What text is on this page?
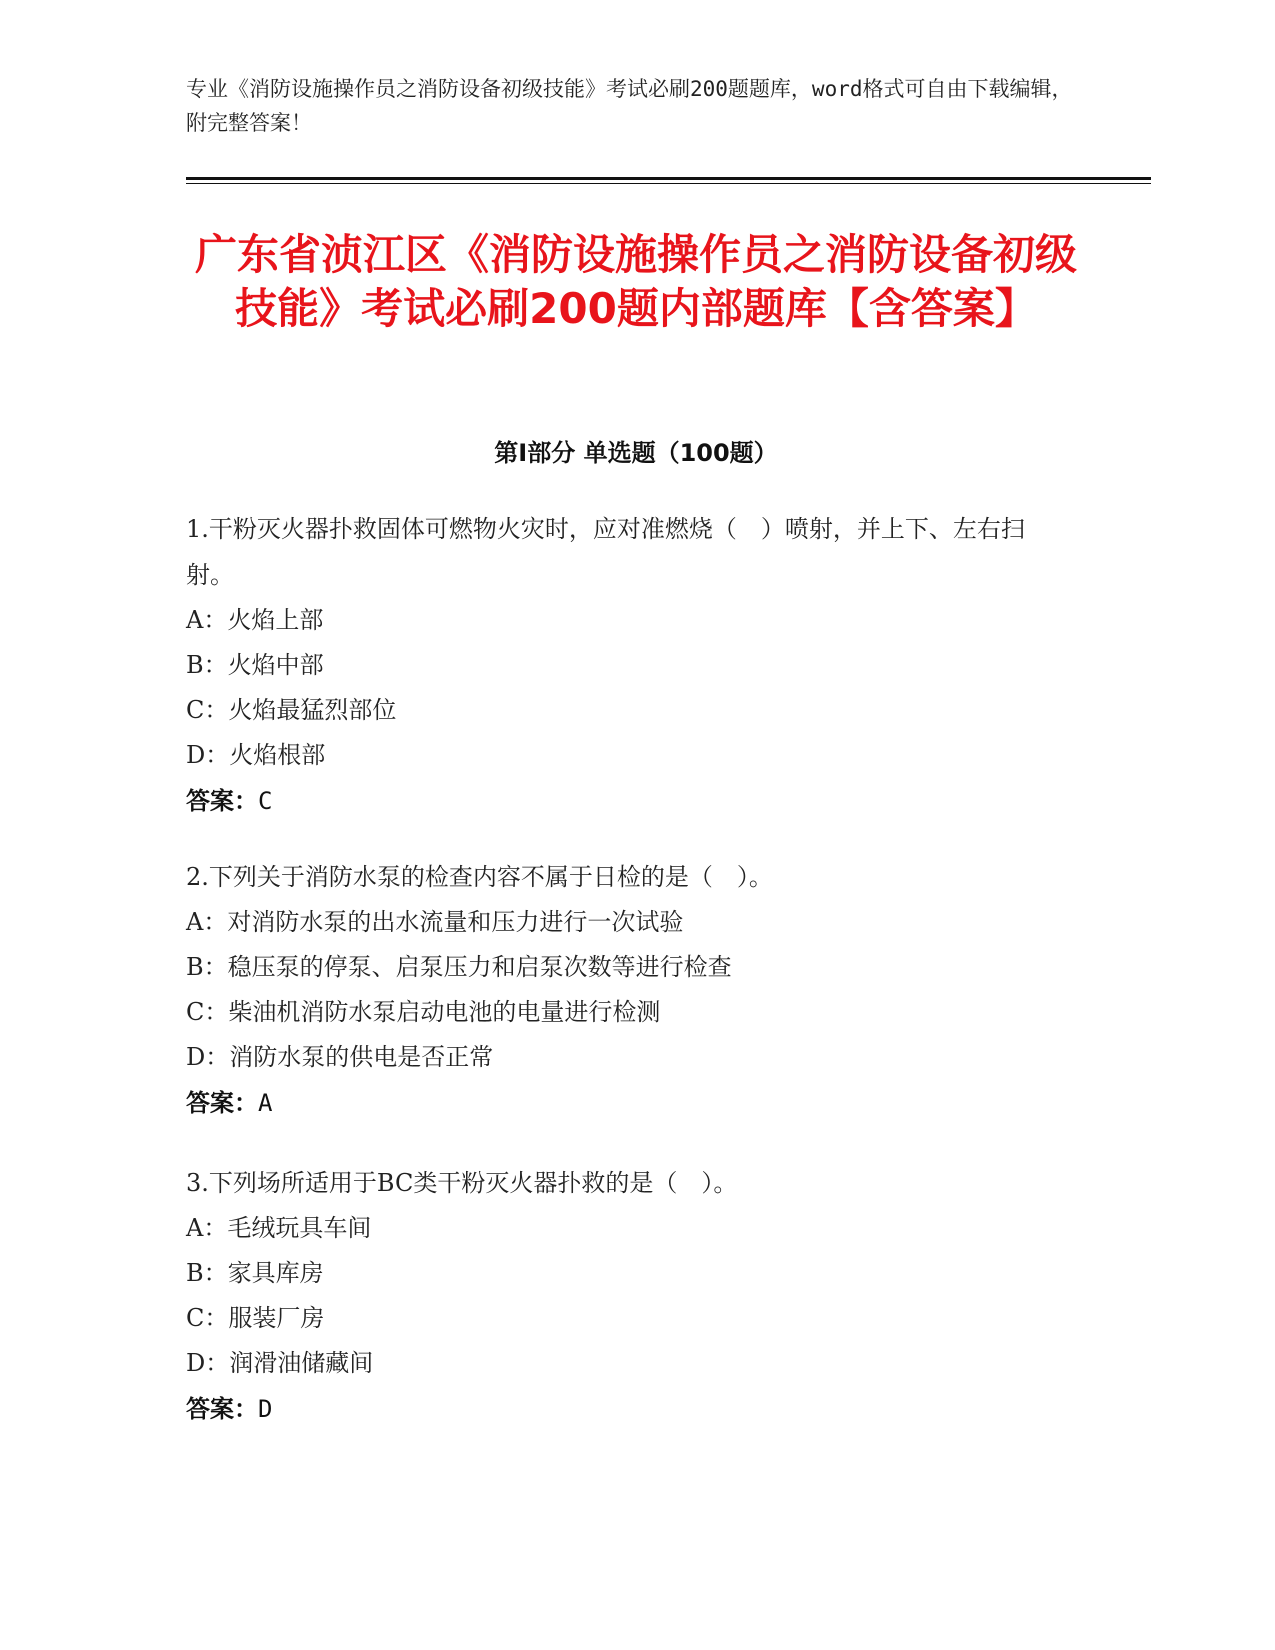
专业《消防设施操作员之消防设备初级技能》考试必刷200题题库，word格式可自由下载编辑，附完整答案！
广东省浈江区《消防设施操作员之消防设备初级技能》考试必刷200题内部题库【含答案】
第I部分 单选题（100题）

1.干粉灭火器扑救固体可燃物火灾时，应对准燃烧（　）喷射，并上下、左右扫射。

A：火焰上部

B：火焰中部

C：火焰最猛烈部位

D：火焰根部

答案：C

2.下列关于消防水泵的检查内容不属于日检的是（　）。

A：对消防水泵的出水流量和压力进行一次试验

B：稳压泵的停泵、启泵压力和启泵次数等进行检查

C：柴油机消防水泵启动电池的电量进行检测

D：消防水泵的供电是否正常

答案：A

3.下列场所适用于BC类干粉灭火器扑救的是（　）。

A：毛绒玩具车间

B：家具库房

C：服装厂房

D：润滑油储藏间

答案：D
